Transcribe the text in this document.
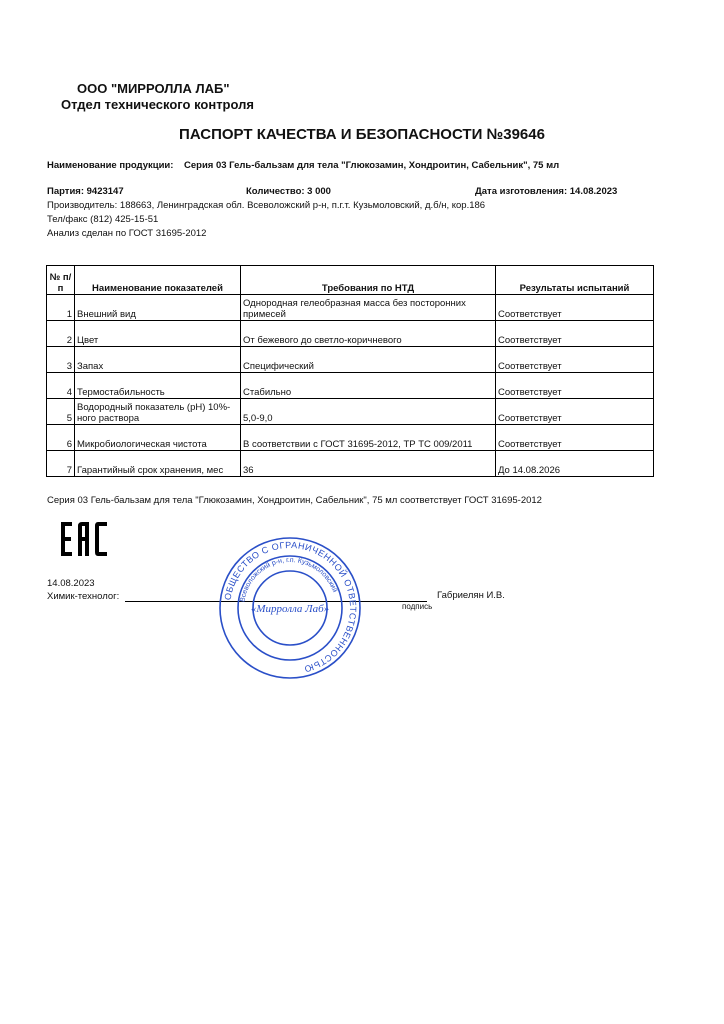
ООО "МИРРОЛЛА ЛАБ"
Отдел технического контроля
ПАСПОРТ КАЧЕСТВА И БЕЗОПАСНОСТИ №39646
Наименование продукции: Серия 03 Гель-бальзам для тела "Глюкозамин, Хондроитин, Сабельник", 75 мл
Партия: 9423147	Количество: 3 000	Дата изготовления: 14.08.2023
Производитель: 188663, Ленинградская обл. Всеволожский р-н, п.г.т. Кузьмоловский, д.б/н, кор.186
Тел/факс (812) 425-15-51
Анализ сделан по ГОСТ 31695-2012
№ п/п	Наименование показателей	Требования по НТД	Результаты испытаний
1	Внешний вид	Однородная гелеобразная масса без посторонних примесей	Соответствует
2	Цвет	От бежевого до светло-коричневого	Соответствует
3	Запах	Специфический	Соответствует
4	Термостабильность	Стабильно	Соответствует
5	Водородный показатель (pH) 10%-ного раствора	5,0-9,0	Соответствует
6	Микробиологическая чистота	В соответствии с ГОСТ 31695-2012, ТР ТС 009/2011	Соответствует
7	Гарантийный срок хранения, мес	36	До 14.08.2026
Серия 03 Гель-бальзам для тела "Глюкозамин, Хондроитин, Сабельник", 75 мл соответствует ГОСТ 31695-2012
14.08.2023
Химик-технолог:	Габриелян И.В.
подпись
ОБЩЕСТВО С ОГРАНИЧЕННОЙ ОТВЕТСТВЕННОСТЬЮ
Всеволожский р-н, г.п. Кузьмоловский
«Мирролла Лаб»
